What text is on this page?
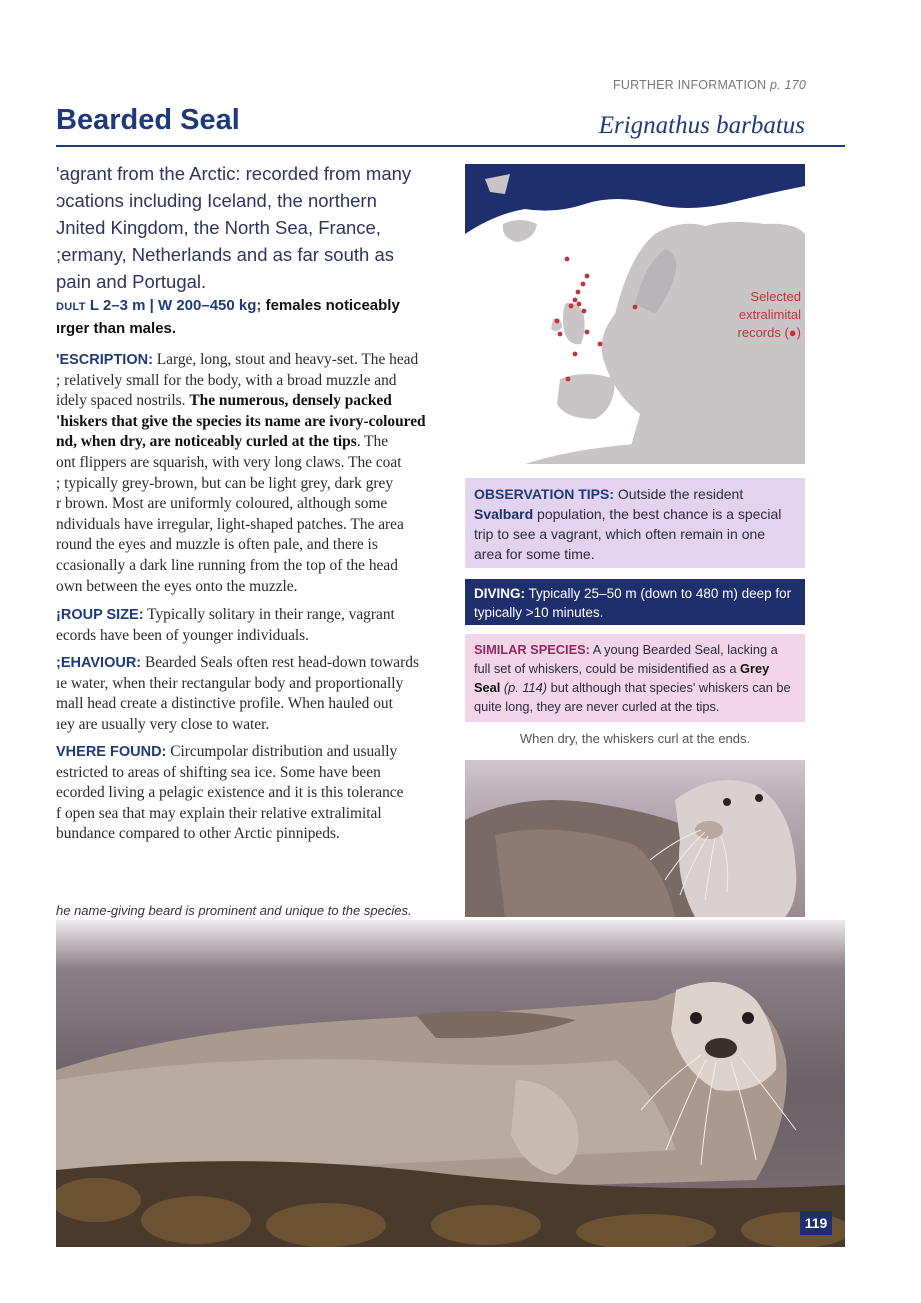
FURTHER INFORMATION p. 170
Bearded Seal	Erignathus barbatus
'agrant from the Arctic: recorded from many
ɔcations including Iceland, the northern
Jnited Kingdom, the North Sea, France,
;ermany, Netherlands and as far south as
pain and Portugal.
DULT L 2–3 m | W 200–450 kg; females noticeably
ırger than males.
'ESCRIPTION: Large, long, stout and heavy-set. The head
; relatively small for the body, with a broad muzzle and
idely spaced nostrils. The numerous, densely packed
'hiskers that give the species its name are ivory-coloured
nd, when dry, are noticeably curled at the tips. The
ont flippers are squarish, with very long claws. The coat
; typically grey-brown, but can be light grey, dark grey
r brown. Most are uniformly coloured, although some
ndividuals have irregular, light-shaped patches. The area
round the eyes and muzzle is often pale, and there is
ccasionally a dark line running from the top of the head
own between the eyes onto the muzzle.
¡ROUP SIZE: Typically solitary in their range, vagrant
ecords have been of younger individuals.
;EHAVIOUR: Bearded Seals often rest head-down towards
ıe water, when their rectangular body and proportionally
mall head create a distinctive profile. When hauled out
ıey are usually very close to water.
VHERE FOUND: Circumpolar distribution and usually
estricted to areas of shifting sea ice. Some have been
ecorded living a pelagic existence and it is this tolerance
f open sea that may explain their relative extralimital
bundance compared to other Arctic pinnipeds.
Selected
extralimital
records (●)
OBSERVATION TIPS: Outside the resident Svalbard population, the best chance is a special trip to see a vagrant, which often remain in one area for some time.
DIVING: Typically 25–50 m (down to 480 m) deep for typically >10 minutes.
SIMILAR SPECIES: A young Bearded Seal, lacking a full set of whiskers, could be misidentified as a Grey Seal (p. 114) but although that species' whiskers can be quite long, they are never curled at the tips.
When dry, the whiskers curl at the ends.
he name-giving beard is prominent and unique to the species.
119
